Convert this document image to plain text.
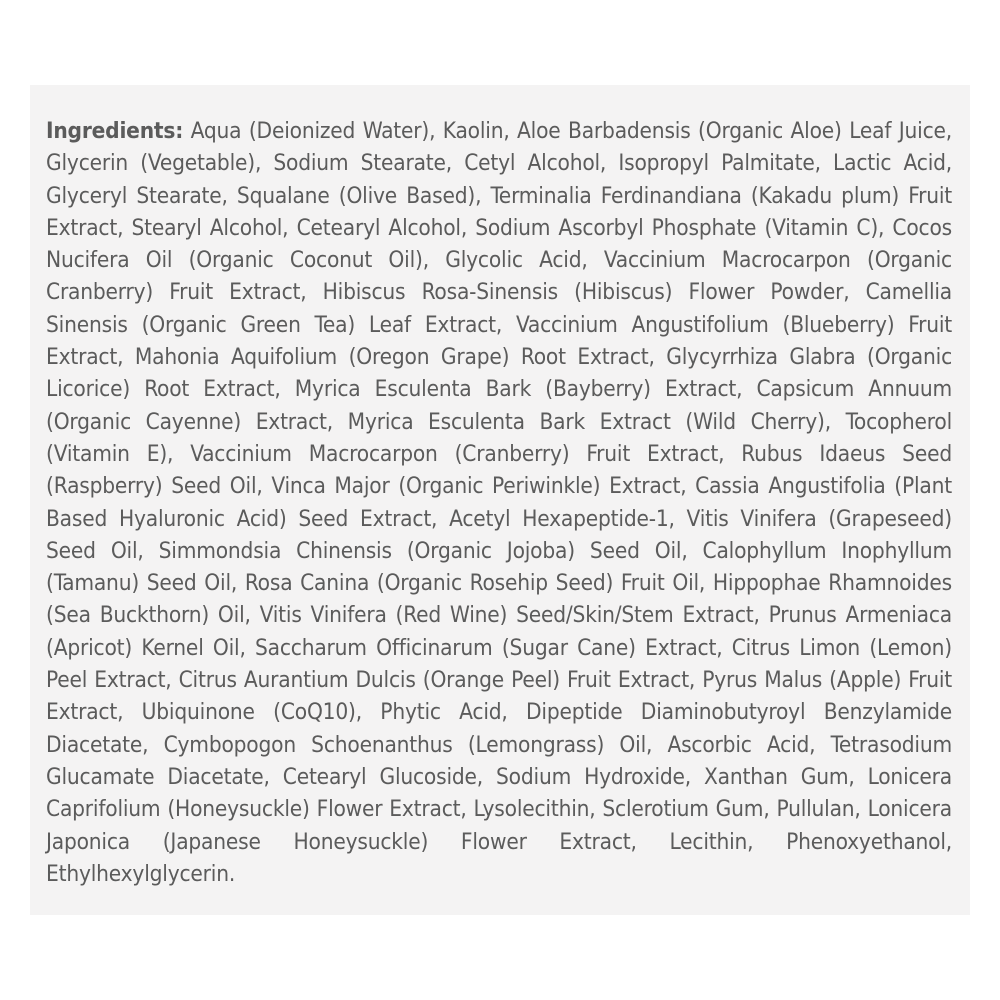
Ingredients: Aqua (Deionized Water), Kaolin, Aloe Barbadensis (Organic Aloe) Leaf Juice, Glycerin (Vegetable), Sodium Stearate, Cetyl Alcohol, Isopropyl Palmitate, Lactic Acid, Glyceryl Stearate, Squalane (Olive Based), Terminalia Ferdinandiana (Kakadu plum) Fruit Extract, Stearyl Alcohol, Cetearyl Alcohol, Sodium Ascorbyl Phosphate (Vitamin C), Cocos Nucifera Oil (Organic Coconut Oil), Glycolic Acid, Vaccinium Macrocarpon (Organic Cranberry) Fruit Extract, Hibiscus Rosa-Sinensis (Hibiscus) Flower Powder, Camellia Sinensis (Organic Green Tea) Leaf Extract, Vaccinium Angustifolium (Blueberry) Fruit Extract, Mahonia Aquifolium (Oregon Grape) Root Extract, Glycyrrhiza Glabra (Organic Licorice) Root Extract, Myrica Esculenta Bark (Bayberry) Extract, Capsicum Annuum (Organic Cayenne) Extract, Myrica Esculenta Bark Extract (Wild Cherry), Tocopherol (Vitamin E), Vaccinium Macrocarpon (Cranberry) Fruit Extract, Rubus Idaeus Seed (Raspberry) Seed Oil, Vinca Major (Organic Periwinkle) Extract, Cassia Angustifolia (Plant Based Hyaluronic Acid) Seed Extract, Acetyl Hexapeptide-1, Vitis Vinifera (Grapeseed) Seed Oil, Simmondsia Chinensis (Organic Jojoba) Seed Oil, Calophyllum Inophyllum (Tamanu) Seed Oil, Rosa Canina (Organic Rosehip Seed) Fruit Oil, Hippophae Rhamnoides (Sea Buckthorn) Oil, Vitis Vinifera (Red Wine) Seed/Skin/Stem Extract, Prunus Armeniaca (Apricot) Kernel Oil, Saccharum Officinarum (Sugar Cane) Extract, Citrus Limon (Lemon) Peel Extract, Citrus Aurantium Dulcis (Orange Peel) Fruit Extract, Pyrus Malus (Apple) Fruit Extract, Ubiquinone (CoQ10), Phytic Acid, Dipeptide Diaminobutyroyl Benzylamide Diacetate, Cymbopogon Schoenanthus (Lemongrass) Oil, Ascorbic Acid, Tetrasodium Glucamate Diacetate, Cetearyl Glucoside, Sodium Hydroxide, Xanthan Gum, Lonicera Caprifolium (Honeysuckle) Flower Extract, Lysolecithin, Sclerotium Gum, Pullulan, Lonicera Japonica (Japanese Honeysuckle) Flower Extract, Lecithin, Phenoxyethanol, Ethylhexylglycerin.
